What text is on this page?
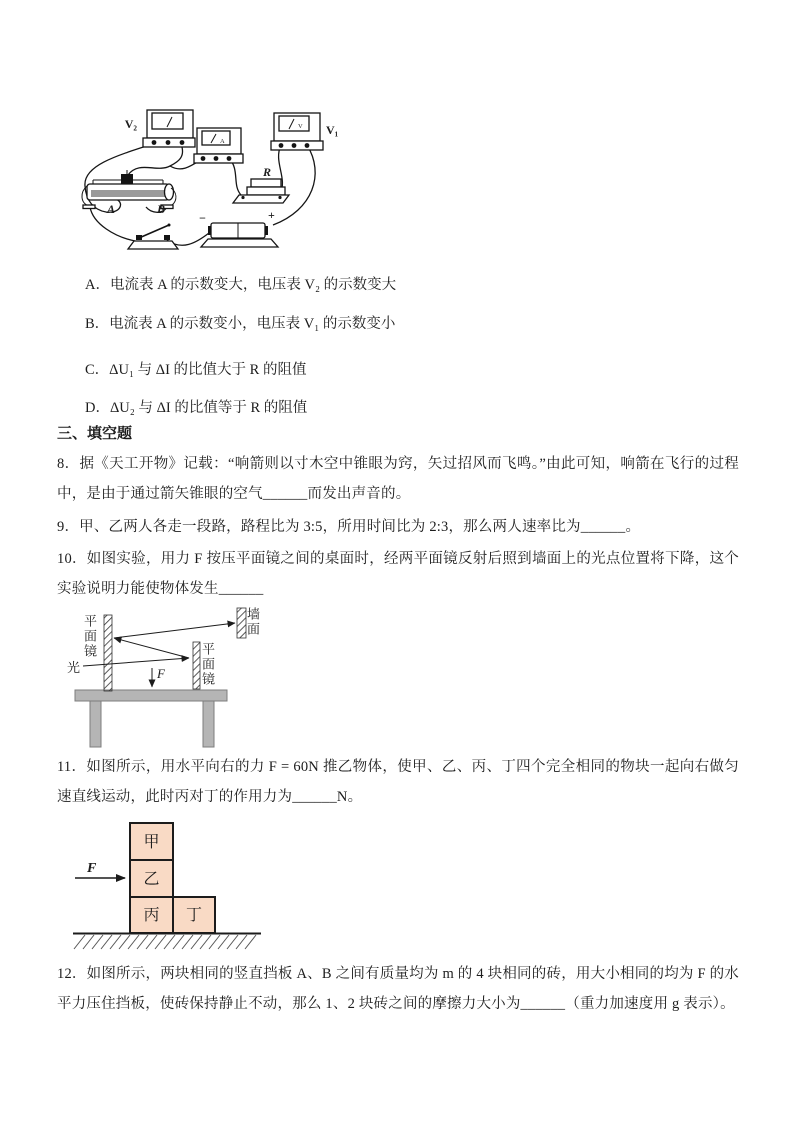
V₂
A
V V₁
R
A	B
−	+
A．电流表 A 的示数变大，电压表 V₂ 的示数变大
B．电流表 A 的示数变小，电压表 V₁ 的示数变小
C．ΔU₁ 与 ΔI 的比值大于 R 的阻值
D．ΔU₂ 与 ΔI 的比值等于 R 的阻值
三、填空题
8．据《天工开物》记载：“响箭则以寸木空中锥眼为窍，矢过招风而飞鸣。”由此可知，响箭在飞行的过程中，是由于通过箭矢锥眼的空气______而发出声音的。
9．甲、乙两人各走一段路，路程比为 3:5，所用时间比为 2:3，那么两人速率比为______。
10．如图实验，用力 F 按压平面镜之间的桌面时，经两平面镜反射后照到墙面上的光点位置将下降，这个实验说明力能使物体发生______
F
平面镜
平面镜
墙面
光
11．如图所示，用水平向右的力 F = 60N 推乙物体，使甲、乙、丙、丁四个完全相同的物块一起向右做匀速直线运动，此时丙对丁的作用力为______N。
甲
乙
丙 丁
F
12．如图所示，两块相同的竖直挡板 A、B 之间有质量均为 m 的 4 块相同的砖，用大小相同的均为 F 的水平力压住挡板，使砖保持静止不动，那么 1、2 块砖之间的摩擦力大小为______（重力加速度用 g 表示）。
